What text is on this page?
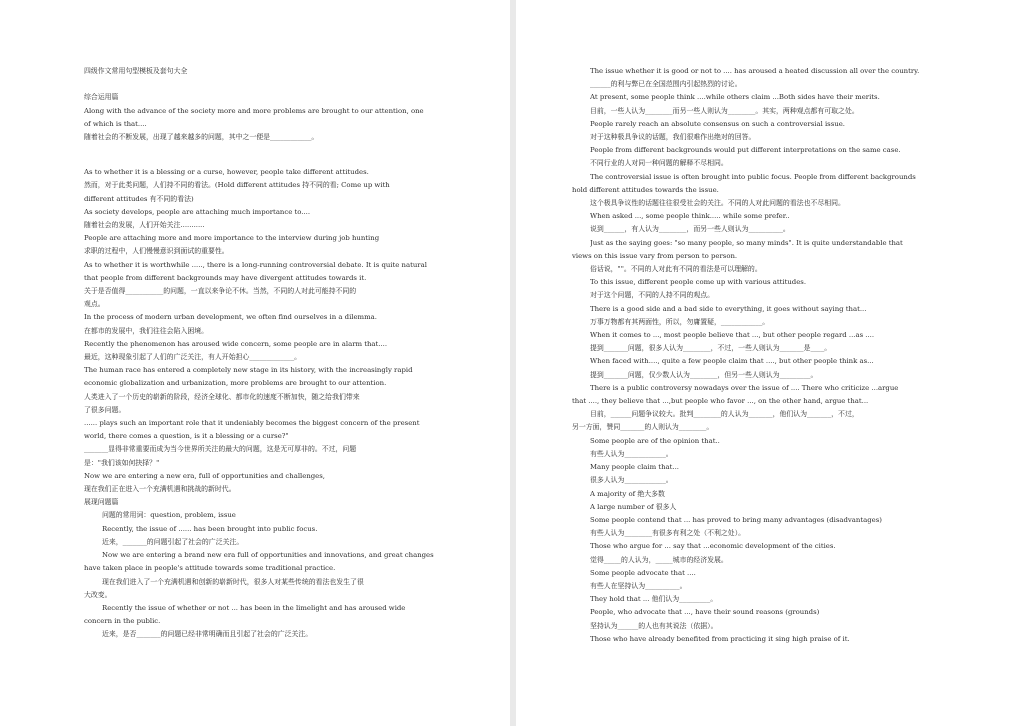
四级作文常用句型模板及套句大全
综合运用篇
Along with the advance of the society more and more problems are brought to our attention, one
of which is that....
随着社会的不断发展，出现了越来越多的问题，其中之一便是____________。
As to whether it is a blessing or a curse, however, people take different attitudes.
然而，对于此类问题，人们持不同的看法。(Hold different attitudes 持不同的看; Come up with
different attitudes 有不同的看法)
As society develops, people are attaching much importance to....
随着社会的发展，人们开始关注...........
People are attaching more and more importance to the interview during job hunting
求职的过程中，人们慢慢意识到面试的重要性。
As to whether it is worthwhile ....., there is a long-running controversial debate. It is quite natural
that people from different backgrounds may have divergent attitudes towards it.
关于是否值得___________的问题，一直以来争论不休。当然，不同的人对此可能持不同的
观点。
In the process of modern urban development, we often find ourselves in a dilemma.
在都市的发展中，我们往往会陷入困境。
Recently the phenomenon has aroused wide concern, some people are in alarm that....
最近，这种现象引起了人们的广泛关注，有人开始担心_____________。
The human race has entered a completely new stage in its history, with the increasingly rapid
economic globalization and urbanization, more problems are brought to our attention.
人类进入了一个历史的崭新的阶段，经济全球化、都市化的速度不断加快，随之给我们带来
了很多问题。
...... plays such an important role that it undeniably becomes the biggest concern of the present
world, there comes a question, is it a blessing or a curse?"
_______显得非常重要而成为当今世界所关注的最大的问题，这是无可厚非的。不过，问题
是："我们该如何抉择？"
Now we are entering a new era, full of opportunities and challenges,
现在我们正在进入一个充满机遇和挑战的新时代。
展现问题篇
问题的常用词：question, problem, issue
Recently, the issue of ...... has been brought into public focus.
近来，_______的问题引起了社会的广泛关注。
Now we are entering a brand new era full of opportunities and innovations, and great changes
have taken place in people's attitude towards some traditional practice.
现在我们进入了一个充满机遇和创新的崭新时代，很多人对某些传统的看法也发生了很
大改变。
Recently the issue of whether or not ... has been in the limelight and has aroused wide
concern in the public.
近来，是否_______的问题已经非常明确而且引起了社会的广泛关注。
The issue whether it is good or not to .... has aroused a heated discussion all over the country.
______的利与弊已在全国范围内引起热烈的讨论。
At present, some people think ....while others claim ...Both sides have their merits.
目前，一些人认为________而另一些人则认为________。其实，两种观点都有可取之处。
People rarely reach an absolute consensus on such a controversial issue.
对于这种极具争议的话题，我们很难作出绝对的回答。
People from different backgrounds would put different interpretations on the same case.
不同行业的人对同一种问题的解释不尽相同。
The controversial issue is often brought into public focus. People from different backgrounds
hold different attitudes towards the issue.
这个极具争议性的话题往往很受社会的关注。不同的人对此问题的看法也不尽相同。
When asked ..., some people think..... while some prefer..
说到______，有人认为________，而另一些人则认为__________。
Just as the saying goes: "so many people, so many minds". It is quite understandable that
views on this issue vary from person to person.
俗话说，""。不同的人对此有不同的看法是可以理解的。
To this issue, different people come up with various attitudes.
对于这个问题，不同的人持不同的观点。
There is a good side and a bad side to everything, it goes without saying that...
万事万物都有其两面性，所以，勿庸置疑，____________。
When it comes to ..., most people believe that ..., but other people regard ...as ....
提到_______问题，很多人认为________，不过，一些人则认为_______是____。
When faced with...., quite a few people claim that ...., but other people think as...
提到_______问题，仅少数人认为________，但另一些人则认为_________。
There is a public controversy nowadays over the issue of .... There who criticize ...argue
that ...., they believe that ...,but people who favor ..., on the other hand, argue that...
目前，______问题争议较大。批判________的人认为_______，他们认为_______，不过，
另一方面，赞同_______的人则认为________。
Some people are of the opinion that..
有些人认为____________。
Many people claim that...
很多人认为____________。
A majority of 绝大多数
A large number of 很多人
Some people contend that ... has proved to bring many advantages (disadvantages)
有些人认为________有很多有利之处（不利之处）。
Those who argue for ... say that ...economic development of the cities.
觉得_____的人认为，_____城市的经济发展。
Some people advocate that ....
有些人在坚持认为__________。
They hold that ... 他们认为_________。
People, who advocate that ..., have their sound reasons (grounds)
坚持认为______的人也有其说法（依据）。
Those who have already benefited from practicing it sing high praise of it.
